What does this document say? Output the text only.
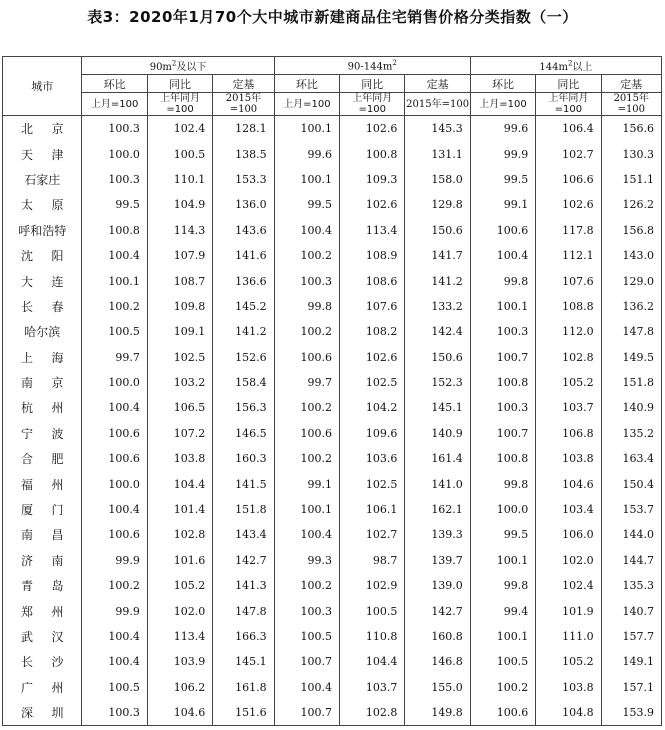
表3：2020年1月70个大中城市新建商品住宅销售价格分类指数（一）
城市	$90m^2$及以下			$90-144m^2$			$144m^2$以上		
	环比	同比	定基	环比	同比	定基	环比	同比	定基
	上月=100	上年同月=100	2015年=100	上月=100	上年同月=100	2015年=100	上月=100	上年同月=100	2015年=100
北京	100.3	102.4	128.1	100.1	102.6	145.3	99.6	106.4	156.6
天津	100.0	100.5	138.5	99.6	100.8	131.1	99.9	102.7	130.3
石家庄	100.3	110.1	153.3	100.1	109.3	158.0	99.5	106.6	151.1
太原	99.5	104.9	136.0	99.5	102.6	129.8	99.1	102.6	126.2
呼和浩特	100.8	114.3	143.6	100.4	113.4	150.6	100.6	117.8	156.8
沈阳	100.4	107.9	141.6	100.2	108.9	141.7	100.4	112.1	143.0
大连	100.1	108.7	136.6	100.3	108.6	141.2	99.8	107.6	129.0
长春	100.2	109.8	145.2	99.8	107.6	133.2	100.1	108.8	136.2
哈尔滨	100.5	109.1	141.2	100.2	108.2	142.4	100.3	112.0	147.8
上海	99.7	102.5	152.6	100.6	102.6	150.6	100.7	102.8	149.5
南京	100.0	103.2	158.4	99.7	102.5	152.3	100.8	105.2	151.8
杭州	100.4	106.5	156.3	100.2	104.2	145.1	100.3	103.7	140.9
宁波	100.6	107.2	146.5	100.6	109.6	140.9	100.7	106.8	135.2
合肥	100.6	103.8	160.3	100.2	103.6	161.4	100.8	103.8	163.4
福州	100.0	104.4	141.5	99.1	102.5	141.0	99.8	104.6	150.4
厦门	100.4	101.4	151.8	100.1	106.1	162.1	100.0	103.4	153.7
南昌	100.6	102.8	143.4	100.4	102.7	139.3	99.5	106.0	144.0
济南	99.9	101.6	142.7	99.3	98.7	139.7	100.1	102.0	144.7
青岛	100.2	105.2	141.3	100.2	102.9	139.0	99.8	102.4	135.3
郑州	99.9	102.0	147.8	100.3	100.5	142.7	99.4	101.9	140.7
武汉	100.4	113.4	166.3	100.5	110.8	160.8	100.1	111.0	157.7
长沙	100.4	103.9	145.1	100.7	104.4	146.8	100.5	105.2	149.1
广州	100.5	106.2	161.8	100.4	103.7	155.0	100.2	103.8	157.1
深圳	100.3	104.6	151.6	100.7	102.8	149.8	100.6	104.8	153.9
